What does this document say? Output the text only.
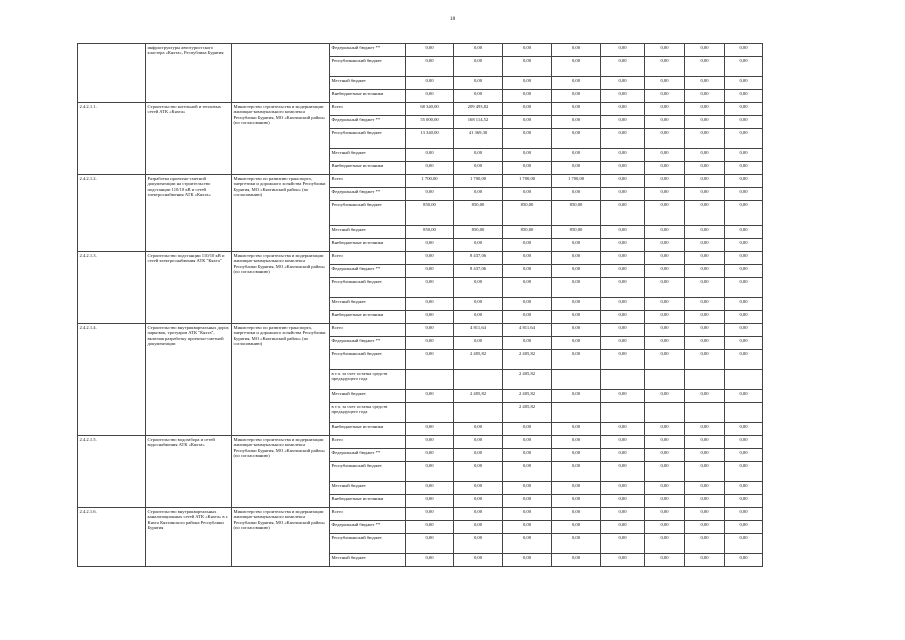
18
	инфраструктуры автотуристского кластера «Кяхта», Республика Бурятия		Федеральный бюджет **	0,00	0,00	0,00	0,00	0,00	0,00	0,00	0,00
			Республиканский бюджет	0,00	0,00	0,00	0,00	0,00	0,00	0,00	0,00
			Местный бюджет	0,00	0,00	0,00	0,00	0,00	0,00	0,00	0,00
			Внебюджетные источники	0,00	0,00	0,00	0,00	0,00	0,00	0,00	0,00
2.4.2.1.1.	Строительство котельной и тепловых сетей АТК «Кяхта»	Министерство строительства и модернизации жилищно-коммунального комплекса Республики Бурятия, МО «Кяхтинский район» (по согласованию)	Всего	68 340,00	209 493,82	0,00	0,00	0,00	0,00	0,00	0,00
			Федеральный бюджет **	55 000,00	168 114,52	0,00	0,00	0,00	0,00	0,00	0,00
			Республиканский бюджет	13 340,00	41 369,30	0,00	0,00	0,00	0,00	0,00	0,00
			Местный бюджет	0,00	0,00	0,00	0,00	0,00	0,00	0,00	0,00
			Внебюджетные источники	0,00	0,00	0,00	0,00	0,00	0,00	0,00	0,00
2.4.2.1.2.	Разработка проектно-сметной документации на строительство подстанции 110/10 кВ и сетей электроснабжения АТК «Кяхта»	Министерство по развитию транспорта, энергетики и дорожного хозяйства Республики Бурятия, МО «Кяхтинский район» (по согласованию)	Всего	1 700,00	1 700,00	1 700,00	1 700,00	0,00	0,00	0,00	0,00
			Федеральный бюджет **	0,00	0,00	0,00	0,00	0,00	0,00	0,00	0,00
			Республиканский бюджет	850,00	850,00	850,00	850,00	0,00	0,00	0,00	0,00
			Местный бюджет	850,00	850,00	850,00	850,00	0,00	0,00	0,00	0,00
			Внебюджетные источники	0,00	0,00	0,00	0,00	0,00	0,00	0,00	0,00
2.4.2.1.3.	Строительство подстанции 110/10 кВ и сетей электроснабжения АТК "Кяхта"	Министерство строительства и модернизации жилищно-коммунального комплекса Республики Бурятия, МО «Кяхтинский район» (по согласованию)	Всего	0,00	8 437,06	0,00	0,00	0,00	0,00	0,00	0,00
			Федеральный бюджет **	0,00	8 437,06	0,00	0,00	0,00	0,00	0,00	0,00
			Республиканский бюджет	0,00	0,00	0,00	0,00	0,00	0,00	0,00	0,00
			Местный бюджет	0,00	0,00	0,00	0,00	0,00	0,00	0,00	0,00
			Внебюджетные источники	0,00	0,00	0,00	0,00	0,00	0,00	0,00	0,00
2.4.2.1.4.	Строительство внутриквартальных дорог, парковок, тротуаров АТК "Кяхта", включая разработку проектно-сметной документации	Министерство по развитию транспорта, энергетики и дорожного хозяйства Республики Бурятия, МО «Кяхтинский район» (по согласованию)	Всего	0,00	4 811,64	4 811,64	0,00	0,00	0,00	0,00	0,00
			Федеральный бюджет **	0,00	0,00	0,00	0,00	0,00	0,00	0,00	0,00
			Республиканский бюджет	0,00	2 405,82	2 405,82	0,00	0,00	0,00	0,00	0,00
			в т.ч. за счет остатка средств предыдущего года			2 405,82					
			Местный бюджет	0,00	2 405,82	2 405,82	0,00	0,00	0,00	0,00	0,00
			в т.ч. за счет остатка средств предыдущего года			2 405,82					
			Внебюджетные источники	0,00	0,00	0,00	0,00	0,00	0,00	0,00	0,00
2.4.2.1.5.	Строительство водозабора и сетей водоснабжения АТК «Кяхта»	Министерство строительства и модернизации жилищно-коммунального комплекса Республики Бурятия, МО «Кяхтинский район» (по согласованию)	Всего	0,00	0,00	0,00	0,00	0,00	0,00	0,00	0,00
			Федеральный бюджет **	0,00	0,00	0,00	0,00	0,00	0,00	0,00	0,00
			Республиканский бюджет	0,00	0,00	0,00	0,00	0,00	0,00	0,00	0,00
			Местный бюджет	0,00	0,00	0,00	0,00	0,00	0,00	0,00	0,00
			Внебюджетные источники	0,00	0,00	0,00	0,00	0,00	0,00	0,00	0,00
2.4.2.1.6.	Строительство внутриквартальных канализационных сетей АТК «Кяхта» в г. Кяхта Кяхтинского района Республики Бурятия	Министерство строительства и модернизации жилищно-коммунального комплекса Республики Бурятия, МО «Кяхтинский район» (по согласованию)	Всего	0,00	0,00	0,00	0,00	0,00	0,00	0,00	0,00
			Федеральный бюджет **	0,00	0,00	0,00	0,00	0,00	0,00	0,00	0,00
			Республиканский бюджет	0,00	0,00	0,00	0,00	0,00	0,00	0,00	0,00
			Местный бюджет	0,00	0,00	0,00	0,00	0,00	0,00	0,00	0,00
